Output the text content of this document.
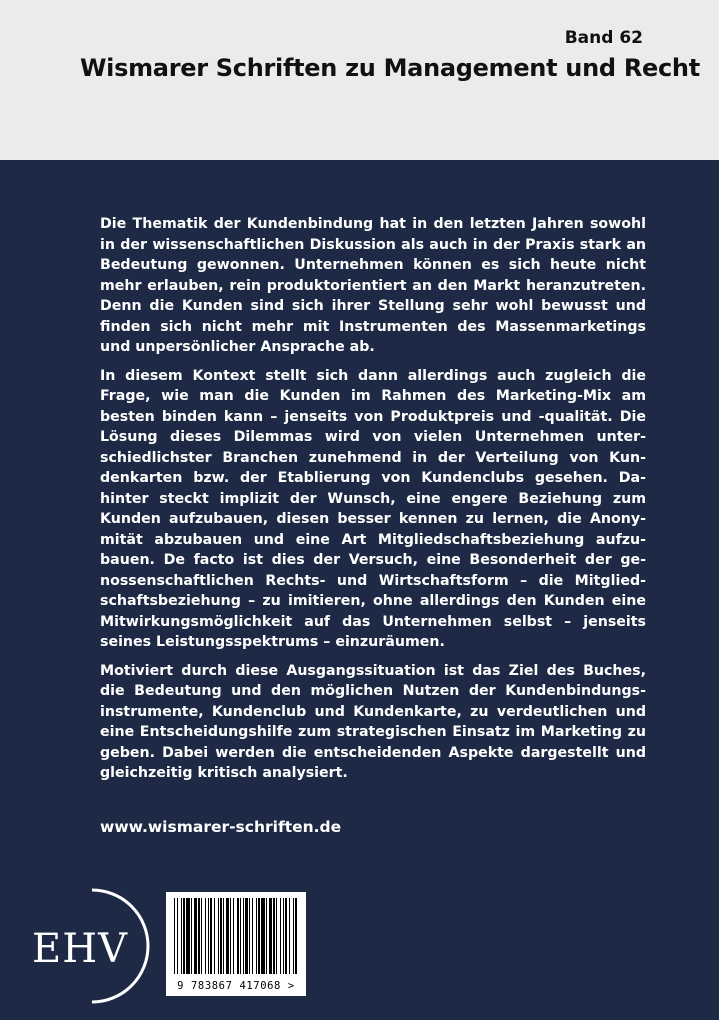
Band 62
Wismarer Schriften zu Management und Recht

Die Thematik der Kundenbindung hat in den letzten Jahren sowohl in der wissenschaftlichen Diskussion als auch in der Praxis stark an Bedeutung gewonnen. Unternehmen können es sich heute nicht mehr erlauben, rein produktorientiert an den Markt heranzutreten. Denn die Kunden sind sich ihrer Stellung sehr wohl bewusst und finden sich nicht mehr mit Instrumenten des Massenmarketings und unpersönlicher Ansprache ab.

In diesem Kontext stellt sich dann allerdings auch zugleich die Frage, wie man die Kunden im Rahmen des Marketing-Mix am besten binden kann – jenseits von Produktpreis und -qualität. Die Lösung dieses Dilemmas wird von vielen Unternehmen unterschiedlichster Branchen zunehmend in der Verteilung von Kundenkarten bzw. der Etablierung von Kundenclubs gesehen. Dahinter steckt implizit der Wunsch, eine engere Beziehung zum Kunden aufzubauen, diesen besser kennen zu lernen, die Anonymität abzubauen und eine Art Mitgliedschaftsbeziehung aufzubauen. De facto ist dies der Versuch, eine Besonderheit der genossenschaftlichen Rechts- und Wirtschaftsform – die Mitgliedschaftsbeziehung – zu imitieren, ohne allerdings den Kunden eine Mitwirkungsmöglichkeit auf das Unternehmen selbst – jenseits seines Leistungsspektrums – einzuräumen.

Motiviert durch diese Ausgangssituation ist das Ziel des Buches, die Bedeutung und den möglichen Nutzen der Kundenbindungsinstrumente, Kundenclub und Kundenkarte, zu verdeutlichen und eine Entscheidungshilfe zum strategischen Einsatz im Marketing zu geben. Dabei werden die entscheidenden Aspekte dargestellt und gleichzeitig kritisch analysiert.

www.wismarer-schriften.de
EHV
9 783867 417068 >
